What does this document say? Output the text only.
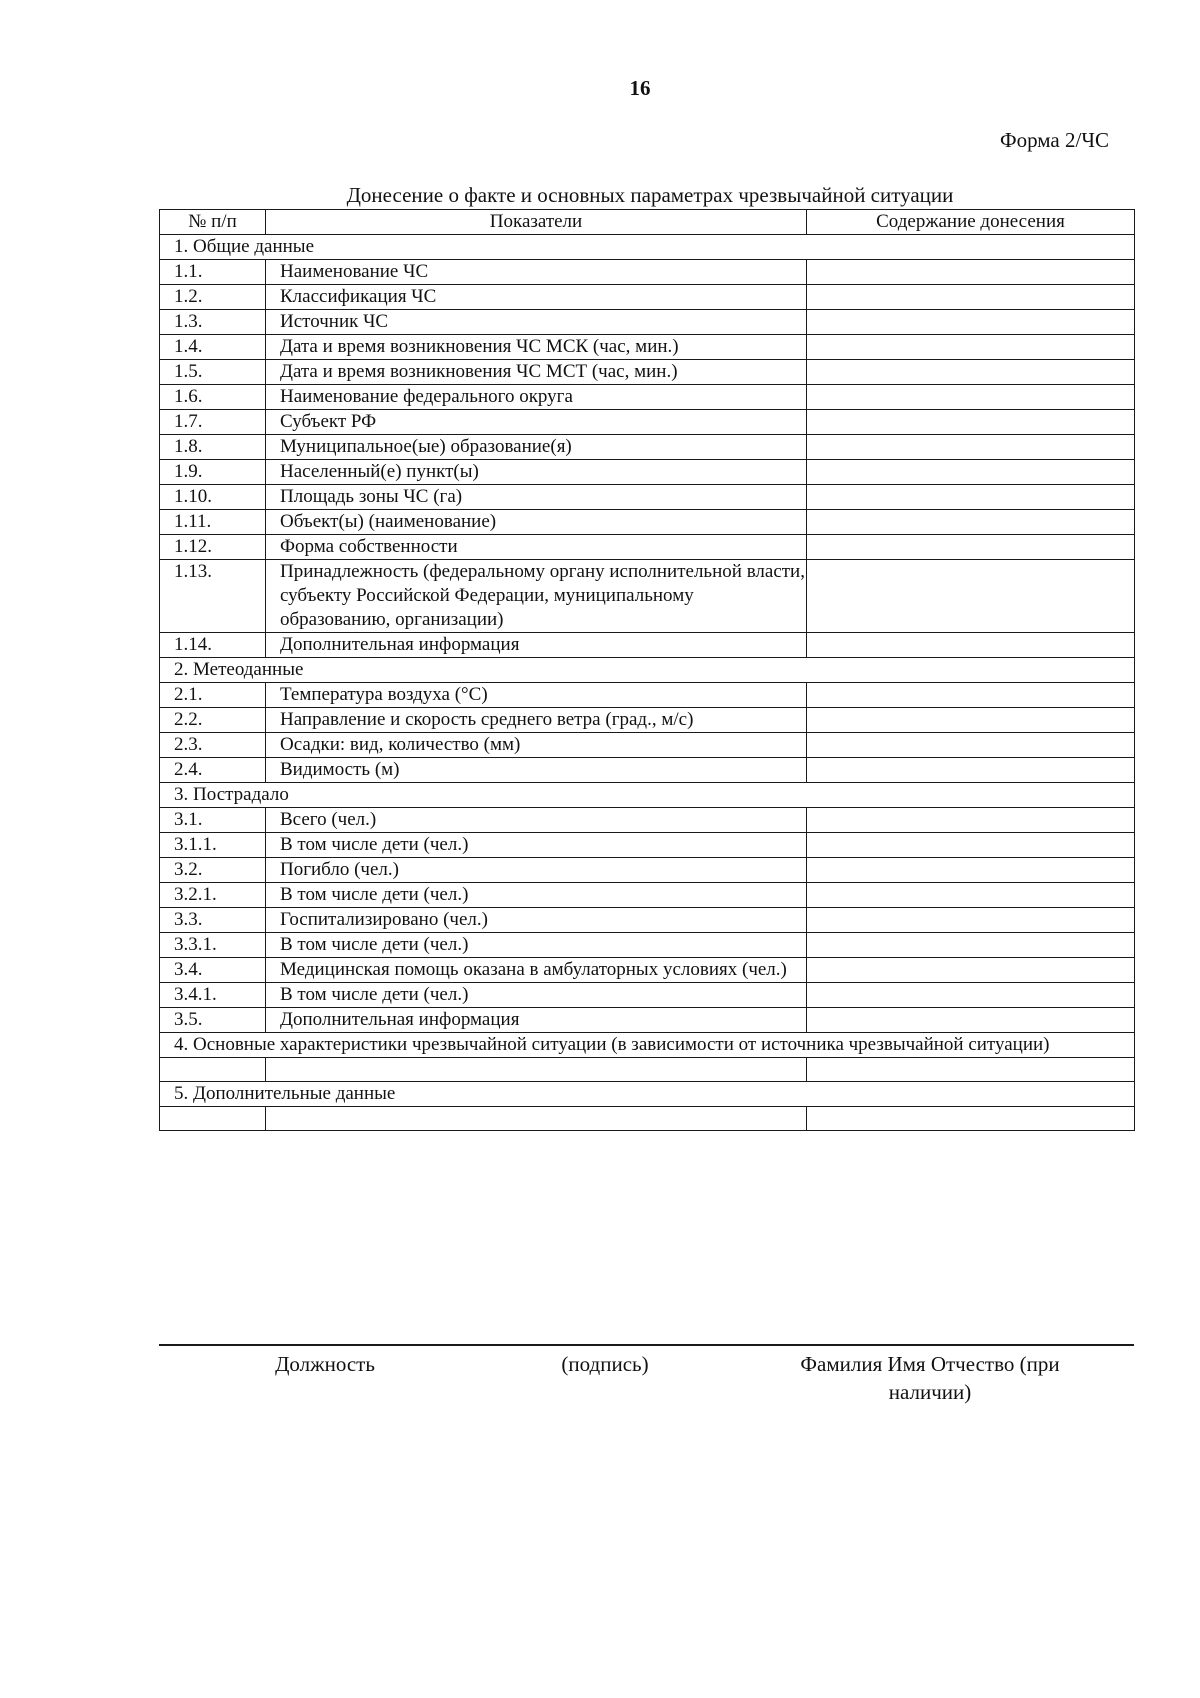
16
Форма 2/ЧС
Донесение о факте и основных параметрах чрезвычайной ситуации
№ п/п	Показатели	Содержание донесения
1. Общие данные		
1.1.	Наименование ЧС	
1.2.	Классификация ЧС	
1.3.	Источник ЧС	
1.4.	Дата и время возникновения ЧС МСК (час, мин.)	
1.5.	Дата и время возникновения ЧС МСТ (час, мин.)	
1.6.	Наименование федерального округа	
1.7.	Субъект РФ	
1.8.	Муниципальное(ые) образование(я)	
1.9.	Населенный(е) пункт(ы)	
1.10.	Площадь зоны ЧС (га)	
1.11.	Объект(ы) (наименование)	
1.12.	Форма собственности	
1.13.	Принадлежность (федеральному органу исполнительной власти, субъекту Российской Федерации, муниципальному образованию, организации)	
1.14.	Дополнительная информация	
2. Метеоданные		
2.1.	Температура воздуха (°C)	
2.2.	Направление и скорость среднего ветра (град., м/с)	
2.3.	Осадки: вид, количество (мм)	
2.4.	Видимость (м)	
3. Пострадало		
3.1.	Всего (чел.)	
3.1.1.	В том числе дети (чел.)	
3.2.	Погибло (чел.)	
3.2.1.	В том числе дети (чел.)	
3.3.	Госпитализировано (чел.)	
3.3.1.	В том числе дети (чел.)	
3.4.	Медицинская помощь оказана в амбулаторных условиях (чел.)	
3.4.1.	В том числе дети (чел.)	
3.5.	Дополнительная информация	
4. Основные характеристики чрезвычайной ситуации (в зависимости от источника чрезвычайной ситуации)		

5. Дополнительные данные		

Должность	(подпись)	Фамилия Имя Отчество (при наличии)
